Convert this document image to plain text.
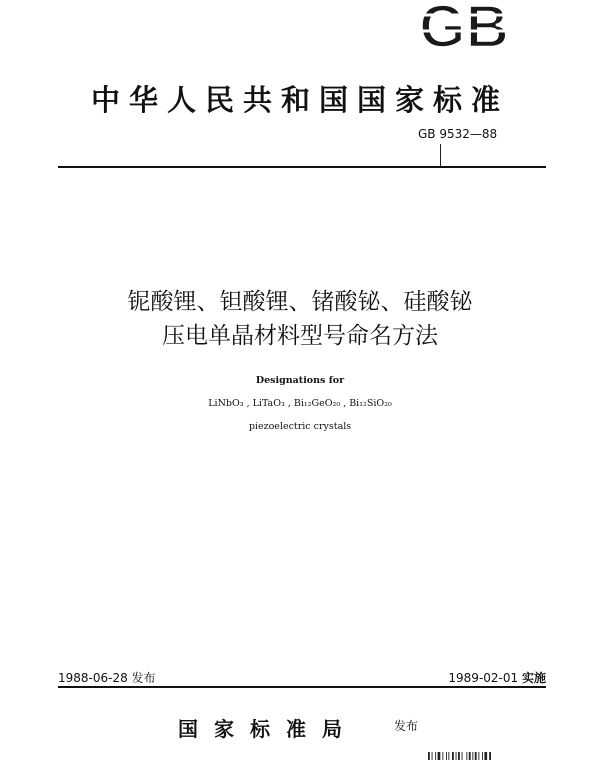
GB
中华人民共和国国家标准
GB 9532—88
铌酸锂、钽酸锂、锗酸铋、硅酸铋
压电单晶材料型号命名方法
Designations for
LiNbO₃ , LiTaO₃ , Bi₁₂GeO₂₀ , Bi₁₂SiO₂₀
piezoelectric crystals
1988-06-28 发布	1989-02-01 实施
国家标准局	发布
